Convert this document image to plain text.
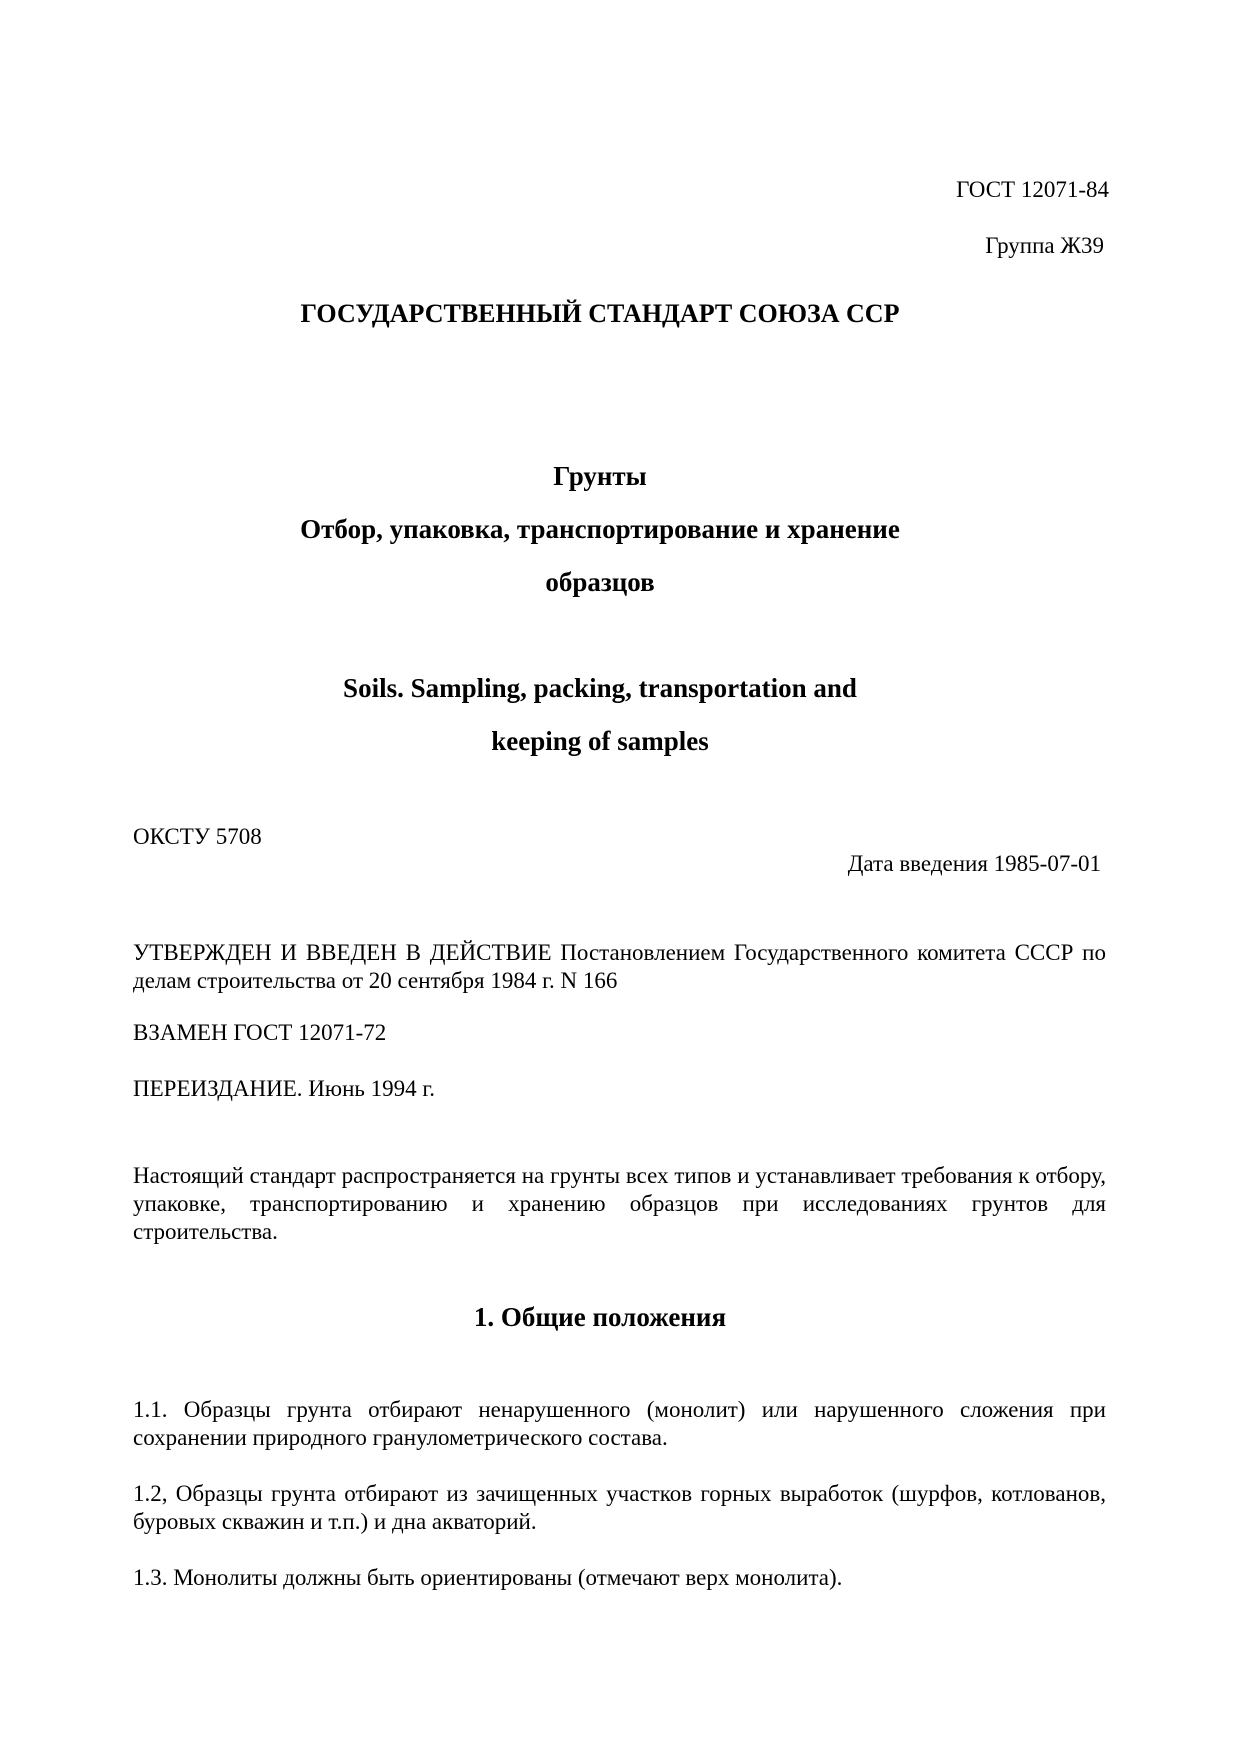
ГОСТ 12071-84

Группа Ж39

ГОСУДАРСТВЕННЫЙ СТАНДАРТ СОЮЗА ССР

Грунты

Отбор, упаковка, транспортирование и хранение

образцов

Soils. Sampling, packing, transportation and

keeping of samples

ОКСТУ 5708

Дата введения 1985-07-01

УТВЕРЖДЕН И ВВЕДЕН В ДЕЙСТВИЕ Постановлением Государственного комитета СССР по делам строительства от 20 сентября 1984 г. N 166

ВЗАМЕН ГОСТ 12071-72

ПЕРЕИЗДАНИЕ. Июнь 1994 г.

Настоящий стандарт распространяется на грунты всех типов и устанавливает требования к отбору, упаковке, транспортированию и хранению образцов при исследованиях грунтов для строительства.

1. Общие положения

1.1. Образцы грунта отбирают ненарушенного (монолит) или нарушенного сложения при сохранении природного гранулометрического состава.

1.2, Образцы грунта отбирают из зачищенных участков горных выработок (шурфов, котлованов, буровых скважин и т.п.) и дна акваторий.

1.3. Монолиты должны быть ориентированы (отмечают верх монолита).
